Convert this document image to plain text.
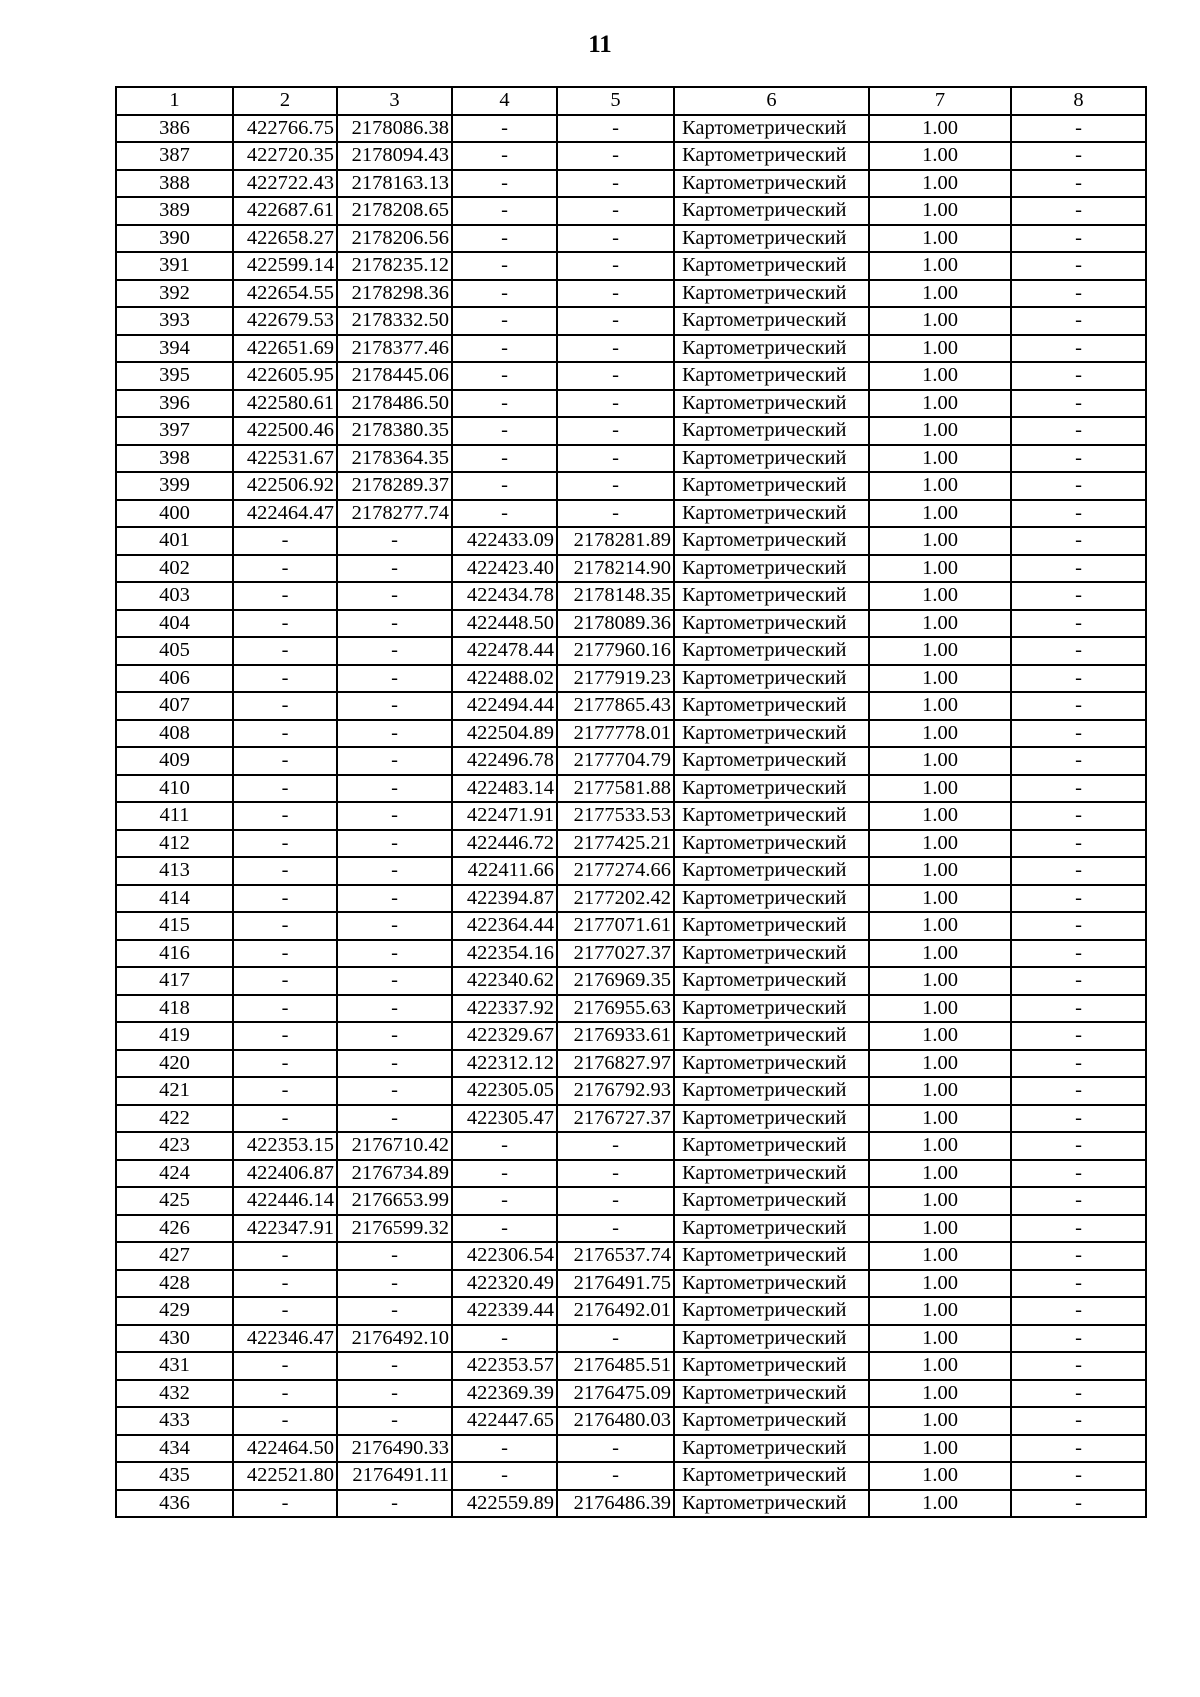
11
1	2	3	4	5	6	7	8
386	422766.75	2178086.38	-	-	Картометрический	1.00	-
387	422720.35	2178094.43	-	-	Картометрический	1.00	-
388	422722.43	2178163.13	-	-	Картометрический	1.00	-
389	422687.61	2178208.65	-	-	Картометрический	1.00	-
390	422658.27	2178206.56	-	-	Картометрический	1.00	-
391	422599.14	2178235.12	-	-	Картометрический	1.00	-
392	422654.55	2178298.36	-	-	Картометрический	1.00	-
393	422679.53	2178332.50	-	-	Картометрический	1.00	-
394	422651.69	2178377.46	-	-	Картометрический	1.00	-
395	422605.95	2178445.06	-	-	Картометрический	1.00	-
396	422580.61	2178486.50	-	-	Картометрический	1.00	-
397	422500.46	2178380.35	-	-	Картометрический	1.00	-
398	422531.67	2178364.35	-	-	Картометрический	1.00	-
399	422506.92	2178289.37	-	-	Картометрический	1.00	-
400	422464.47	2178277.74	-	-	Картометрический	1.00	-
401	-	-	422433.09	2178281.89	Картометрический	1.00	-
402	-	-	422423.40	2178214.90	Картометрический	1.00	-
403	-	-	422434.78	2178148.35	Картометрический	1.00	-
404	-	-	422448.50	2178089.36	Картометрический	1.00	-
405	-	-	422478.44	2177960.16	Картометрический	1.00	-
406	-	-	422488.02	2177919.23	Картометрический	1.00	-
407	-	-	422494.44	2177865.43	Картометрический	1.00	-
408	-	-	422504.89	2177778.01	Картометрический	1.00	-
409	-	-	422496.78	2177704.79	Картометрический	1.00	-
410	-	-	422483.14	2177581.88	Картометрический	1.00	-
411	-	-	422471.91	2177533.53	Картометрический	1.00	-
412	-	-	422446.72	2177425.21	Картометрический	1.00	-
413	-	-	422411.66	2177274.66	Картометрический	1.00	-
414	-	-	422394.87	2177202.42	Картометрический	1.00	-
415	-	-	422364.44	2177071.61	Картометрический	1.00	-
416	-	-	422354.16	2177027.37	Картометрический	1.00	-
417	-	-	422340.62	2176969.35	Картометрический	1.00	-
418	-	-	422337.92	2176955.63	Картометрический	1.00	-
419	-	-	422329.67	2176933.61	Картометрический	1.00	-
420	-	-	422312.12	2176827.97	Картометрический	1.00	-
421	-	-	422305.05	2176792.93	Картометрический	1.00	-
422	-	-	422305.47	2176727.37	Картометрический	1.00	-
423	422353.15	2176710.42	-	-	Картометрический	1.00	-
424	422406.87	2176734.89	-	-	Картометрический	1.00	-
425	422446.14	2176653.99	-	-	Картометрический	1.00	-
426	422347.91	2176599.32	-	-	Картометрический	1.00	-
427	-	-	422306.54	2176537.74	Картометрический	1.00	-
428	-	-	422320.49	2176491.75	Картометрический	1.00	-
429	-	-	422339.44	2176492.01	Картометрический	1.00	-
430	422346.47	2176492.10	-	-	Картометрический	1.00	-
431	-	-	422353.57	2176485.51	Картометрический	1.00	-
432	-	-	422369.39	2176475.09	Картометрический	1.00	-
433	-	-	422447.65	2176480.03	Картометрический	1.00	-
434	422464.50	2176490.33	-	-	Картометрический	1.00	-
435	422521.80	2176491.11	-	-	Картометрический	1.00	-
436	-	-	422559.89	2176486.39	Картометрический	1.00	-
